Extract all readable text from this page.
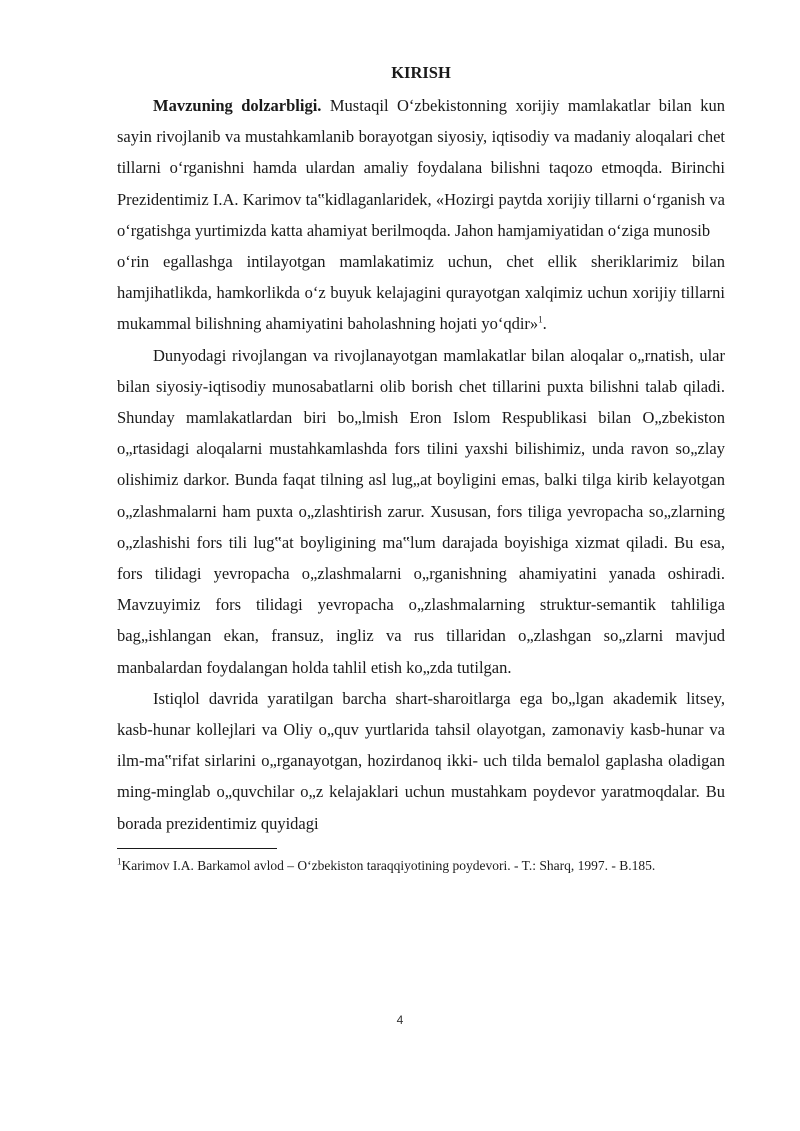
KIRISH

Mavzuning dolzarbligi. Mustaqil O‘zbekistonning xorijiy mamlakatlar bilan kun sayin rivojlanib va mustahkamlanib borayotgan siyosiy, iqtisodiy va madaniy aloqalari chet tillarni o‘rganishni hamda ulardan amaliy foydalana bilishni taqozo etmoqda. Birinchi Prezidentimiz I.A. Karimov ta‟kidlaganlaridek, «Hozirgi paytda xorijiy tillarni o‘rganish va o‘rgatishga yurtimizda katta ahamiyat berilmoqda. Jahon hamjamiyatidan o‘ziga munosib

o‘rin egallashga intilayotgan mamlakatimiz uchun, chet ellik sheriklarimiz bilan hamjihatlikda, hamkorlikda o‘z buyuk kelajagini qurayotgan xalqimiz uchun xorijiy tillarni mukammal bilishning ahamiyatini baholashning hojati yo‘qdir»$^1$.

Dunyodagi rivojlangan va rivojlanayotgan mamlakatlar bilan aloqalar o„rnatish, ular bilan siyosiy-iqtisodiy munosabatlarni olib borish chet tillarini puxta bilishni talab qiladi. Shunday mamlakatlardan biri bo„lmish Eron Islom Respublikasi bilan O„zbekiston o„rtasidagi aloqalarni mustahkamlashda fors tilini yaxshi bilishimiz, unda ravon so„zlay olishimiz darkor. Bunda faqat tilning asl lug„at boyligini emas, balki tilga kirib kelayotgan o„zlashmalarni ham puxta o„zlashtirish zarur. Xususan, fors tiliga yevropacha so„zlarning o„zlashishi fors tili lug‟at boyligining ma‟lum darajada boyishiga xizmat qiladi. Bu esa, fors tilidagi yevropacha o„zlashmalarni o„rganishning ahamiyatini yanada oshiradi. Mavzuyimiz fors tilidagi yevropacha o„zlashmalarning struktur-semantik tahliliga bag„ishlangan ekan, fransuz, ingliz va rus tillaridan o„zlashgan so„zlarni mavjud manbalardan foydalangan holda tahlil etish ko„zda tutilgan.

Istiqlol davrida yaratilgan barcha shart-sharoitlarga ega bo„lgan akademik litsey, kasb-hunar kollejlari va Oliy o„quv yurtlarida tahsil olayotgan, zamonaviy kasb-hunar va ilm-ma‟rifat sirlarini o„rganayotgan, hozirdanoq ikki- uch tilda bemalol gaplasha oladigan ming-minglab o„quvchilar o„z kelajaklari uchun mustahkam poydevor yaratmoqdalar. Bu borada prezidentimiz quyidagi

$^1$Karimov I.A. Barkamol avlod – O‘zbekiston taraqqiyotining poydevori. - T.: Sharq, 1997. - B.185.

4
